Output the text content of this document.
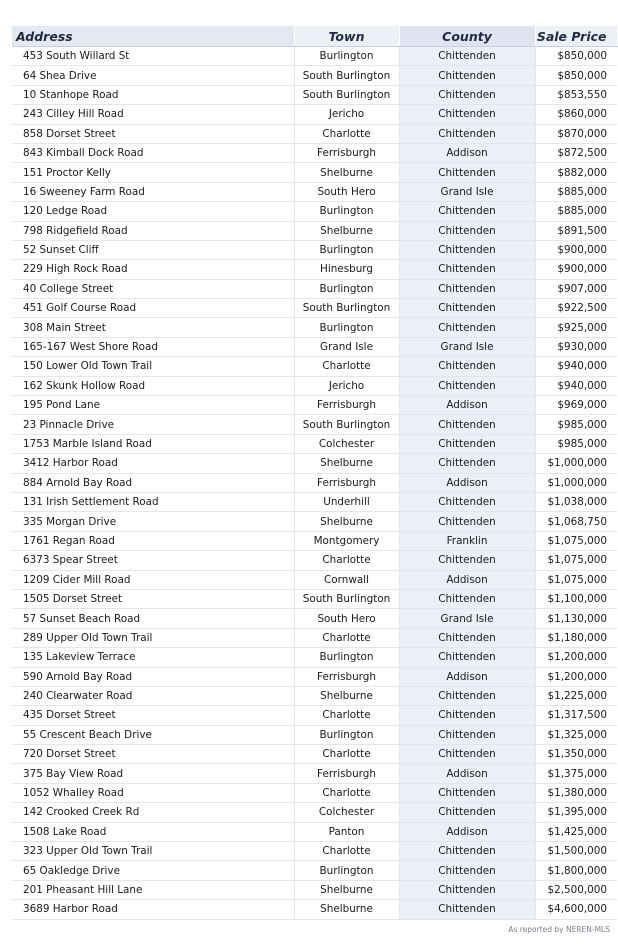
Address	Town	County	Sale Price
453 South Willard St	Burlington	Chittenden	$850,000
64 Shea Drive	South Burlington	Chittenden	$850,000
10 Stanhope Road	South Burlington	Chittenden	$853,550
243 Cilley Hill Road	Jericho	Chittenden	$860,000
858 Dorset Street	Charlotte	Chittenden	$870,000
843 Kimball Dock Road	Ferrisburgh	Addison	$872,500
151 Proctor Kelly	Shelburne	Chittenden	$882,000
16 Sweeney Farm Road	South Hero	Grand Isle	$885,000
120 Ledge Road	Burlington	Chittenden	$885,000
798 Ridgefield Road	Shelburne	Chittenden	$891,500
52 Sunset Cliff	Burlington	Chittenden	$900,000
229 High Rock Road	Hinesburg	Chittenden	$900,000
40 College Street	Burlington	Chittenden	$907,000
451 Golf Course Road	South Burlington	Chittenden	$922,500
308 Main Street	Burlington	Chittenden	$925,000
165-167 West Shore Road	Grand Isle	Grand Isle	$930,000
150 Lower Old Town Trail	Charlotte	Chittenden	$940,000
162 Skunk Hollow Road	Jericho	Chittenden	$940,000
195 Pond Lane	Ferrisburgh	Addison	$969,000
23 Pinnacle Drive	South Burlington	Chittenden	$985,000
1753 Marble Island Road	Colchester	Chittenden	$985,000
3412 Harbor Road	Shelburne	Chittenden	$1,000,000
884 Arnold Bay Road	Ferrisburgh	Addison	$1,000,000
131 Irish Settlement Road	Underhill	Chittenden	$1,038,000
335 Morgan Drive	Shelburne	Chittenden	$1,068,750
1761 Regan Road	Montgomery	Franklin	$1,075,000
6373 Spear Street	Charlotte	Chittenden	$1,075,000
1209 Cider Mill Road	Cornwall	Addison	$1,075,000
1505 Dorset Street	South Burlington	Chittenden	$1,100,000
57 Sunset Beach Road	South Hero	Grand Isle	$1,130,000
289 Upper Old Town Trail	Charlotte	Chittenden	$1,180,000
135 Lakeview Terrace	Burlington	Chittenden	$1,200,000
590 Arnold Bay Road	Ferrisburgh	Addison	$1,200,000
240 Clearwater Road	Shelburne	Chittenden	$1,225,000
435 Dorset Street	Charlotte	Chittenden	$1,317,500
55 Crescent Beach Drive	Burlington	Chittenden	$1,325,000
720 Dorset Street	Charlotte	Chittenden	$1,350,000
375 Bay View Road	Ferrisburgh	Addison	$1,375,000
1052 Whalley Road	Charlotte	Chittenden	$1,380,000
142 Crooked Creek Rd	Colchester	Chittenden	$1,395,000
1508 Lake Road	Panton	Addison	$1,425,000
323 Upper Old Town Trail	Charlotte	Chittenden	$1,500,000
65 Oakledge Drive	Burlington	Chittenden	$1,800,000
201 Pheasant Hill Lane	Shelburne	Chittenden	$2,500,000
3689 Harbor Road	Shelburne	Chittenden	$4,600,000
As reported by NEREN-MLS
